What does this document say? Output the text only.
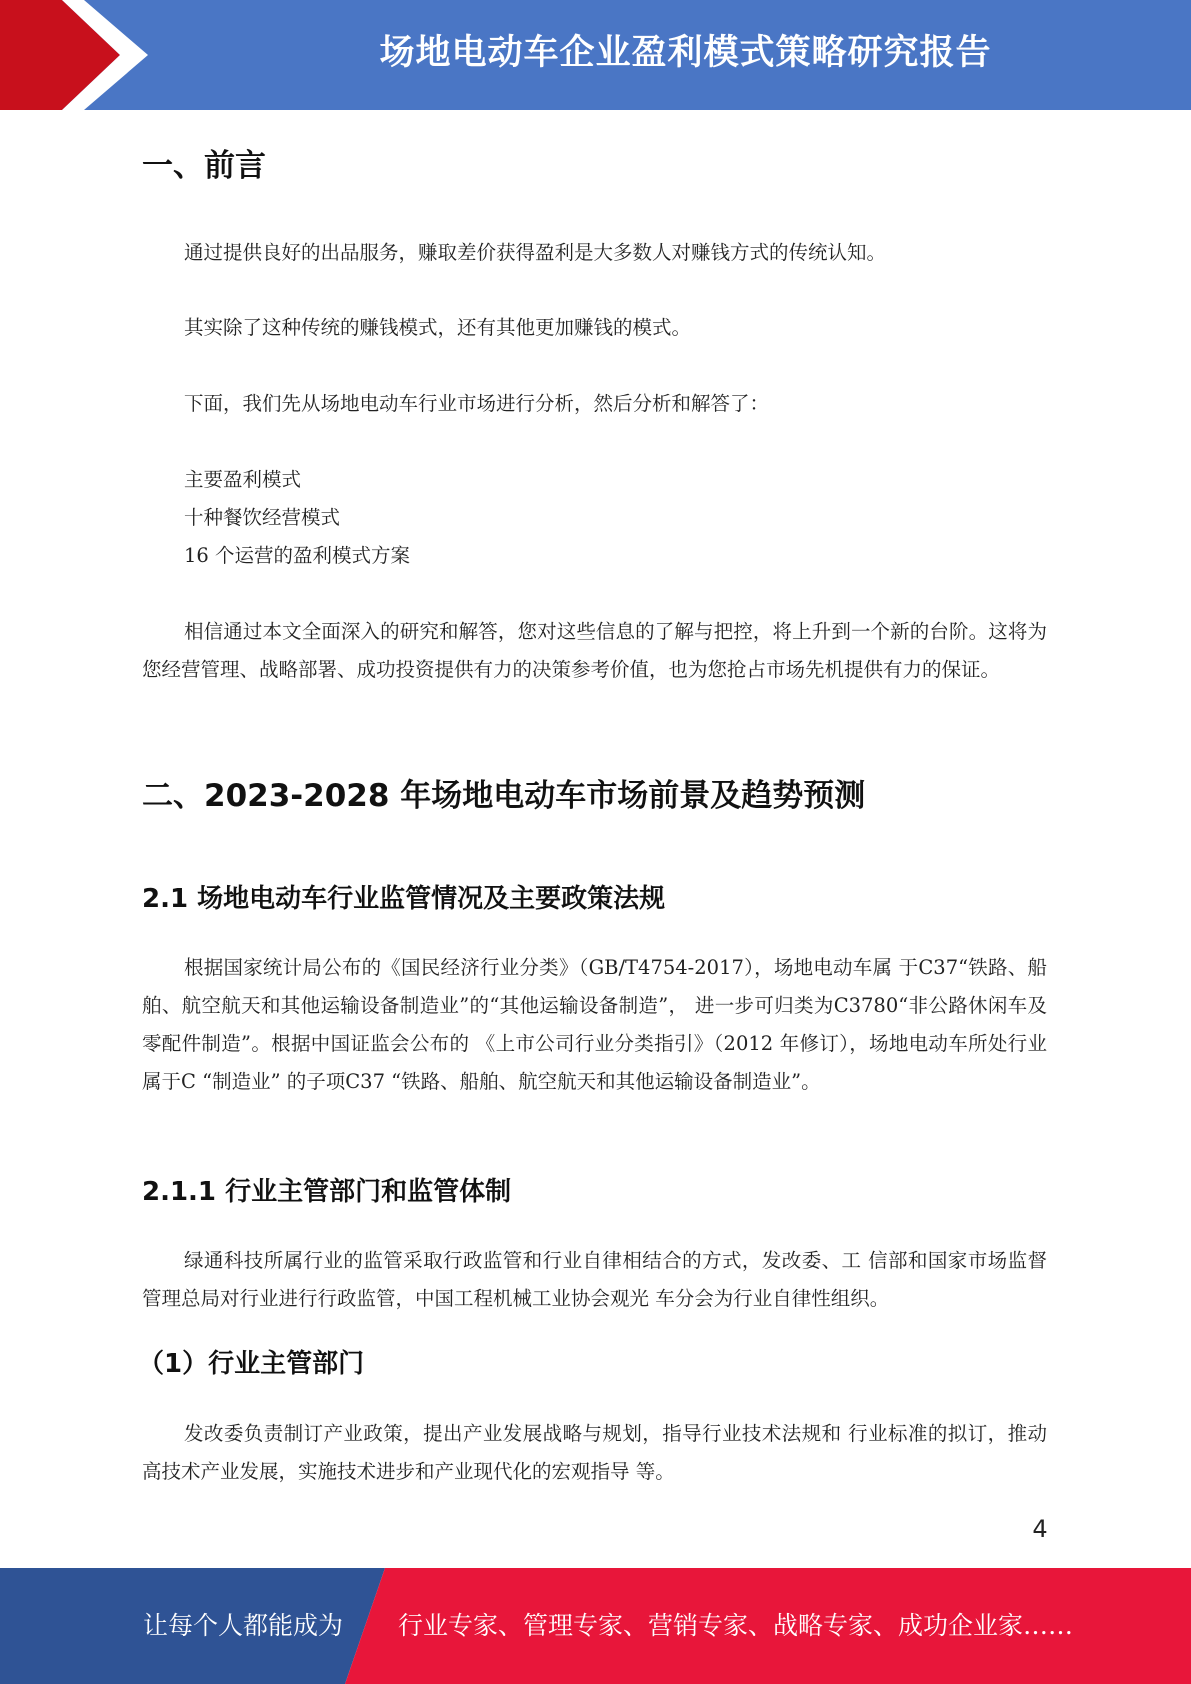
场地电动车企业盈利模式策略研究报告
一、前言
通过提供良好的出品服务，赚取差价获得盈利是大多数人对赚钱方式的传统认知。
其实除了这种传统的赚钱模式，还有其他更加赚钱的模式。
下面，我们先从场地电动车行业市场进行分析，然后分析和解答了：
主要盈利模式
十种餐饮经营模式
16 个运营的盈利模式方案
相信通过本文全面深入的研究和解答，您对这些信息的了解与把控，将上升到一个新的台阶。这将为您经营管理、战略部署、成功投资提供有力的决策参考价值，也为您抢占市场先机提供有力的保证。
二、2023-2028 年场地电动车市场前景及趋势预测
2.1 场地电动车行业监管情况及主要政策法规
根据国家统计局公布的《国民经济行业分类》（GB/T4754-2017），场地电动车属 于C37“铁路、船舶、航空航天和其他运输设备制造业”的“其他运输设备制造”， 进一步可归类为C3780“非公路休闲车及零配件制造”。根据中国证监会公布的 《上市公司行业分类指引》（2012 年修订），场地电动车所处行业属于C “制造业” 的子项C37 “铁路、船舶、航空航天和其他运输设备制造业”。
2.1.1 行业主管部门和监管体制
绿通科技所属行业的监管采取行政监管和行业自律相结合的方式，发改委、工 信部和国家市场监督管理总局对行业进行行政监管，中国工程机械工业协会观光 车分会为行业自律性组织。
（1）行业主管部门
发改委负责制订产业政策，提出产业发展战略与规划，指导行业技术法规和 行业标准的拟订，推动高技术产业发展，实施技术进步和产业现代化的宏观指导 等。
4
让每个人都能成为 行业专家、管理专家、营销专家、战略专家、成功企业家……
